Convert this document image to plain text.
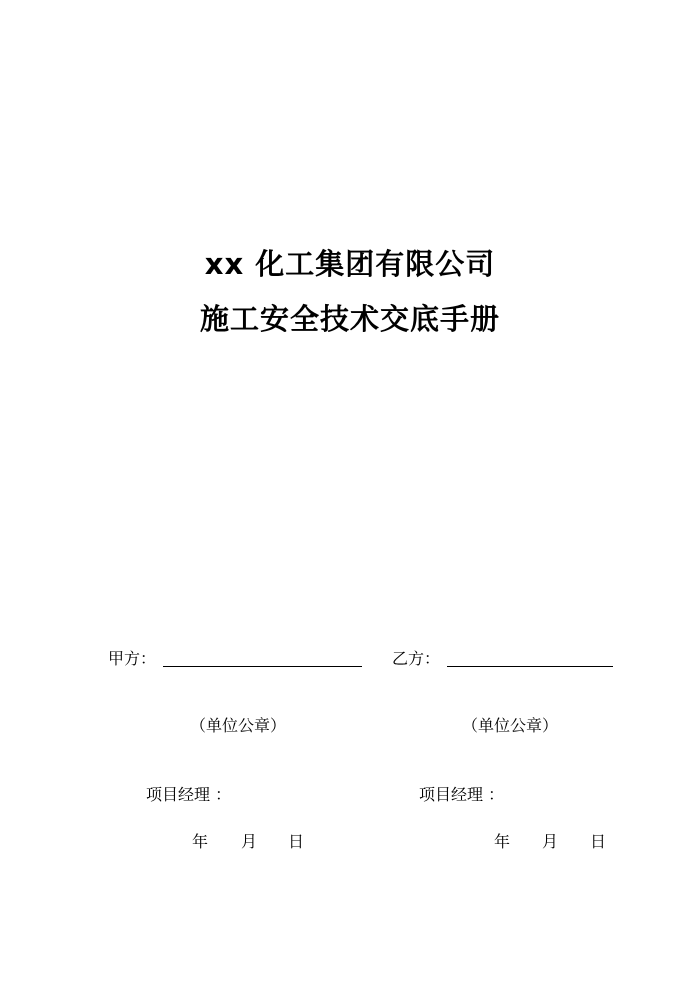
xx 化工集团有限公司
施工安全技术交底手册
甲方：
（单位公章）
项目经理 ：
年 月 日
乙方：
（单位公章）
项目经理 ：
年 月 日
